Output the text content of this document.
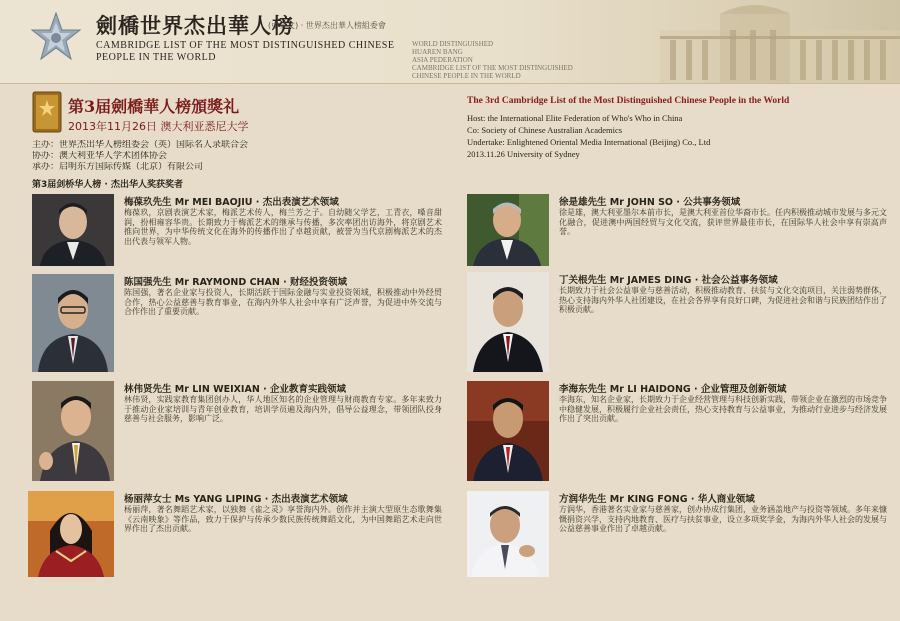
劍橋世界杰出華人榜
(中英文) · 世界杰出華人榜組委會
CAMBRIDGE LIST OF THE MOST DISTINGUISHED CHINESE PEOPLE IN THE WORLD
WORLD DISTINGUISHED
HUAREN BANG
ASIA PEDERATION
CAMBRIDGE LIST OF THE MOST DISTINGUISHED
CHINESE PEOPLE IN THE WORLD
第3届劍橋華人榜頒獎礼
2013年11月26日 澳大利亚悉尼大学
主办：世界杰出华人榜组委会（英）国际名人录联合会
协办：澳大利亚华人学术团体协会
承办：启明东方国际传媒（北京）有限公司
第3届剑桥华人榜 · 杰出华人奖获奖者
The 3rd Cambridge List of the Most Distinguished Chinese People in the World
Host: the International Elite Federation of Who's Who in China
Co: Society of Chinese Australian Academics
Undertake: Enlightened Oriental Media International (Beijing) Co., Ltd
2013.11.26 University of Sydney
梅葆玖先生 Mr MEI BAOJIU · 杰出表演艺术领域
梅葆玖，京剧表演艺术家，梅派艺术传人，梅兰芳之子。自幼随父学艺，工青衣，嗓音甜润，扮相雍容华贵。长期致力于梅派艺术的继承与传播，多次率团出访海外，将京剧艺术推向世界，为中华传统文化在海外的传播作出了卓越贡献，被誉为当代京剧梅派艺术的杰出代表与领军人物。
陈国强先生 Mr RAYMOND CHAN · 财经投资领域
陈国强，著名企业家与投资人，长期活跃于国际金融与实业投资领域，积极推动中外经贸合作，热心公益慈善与教育事业，在海内外华人社会中享有广泛声誉，为促进中外交流与合作作出了重要贡献。
林伟贤先生 Mr LIN WEIXIAN · 企业教育实践领域
林伟贤，实践家教育集团创办人，华人地区知名的企业管理与财商教育专家。多年来致力于推动企业家培训与青年创业教育，培训学员遍及海内外，倡导公益理念，带领团队投身慈善与社会服务，影响广泛。
杨丽萍女士 Ms YANG LIPING · 杰出表演艺术领域
杨丽萍，著名舞蹈艺术家，以独舞《雀之灵》享誉海内外。创作并主演大型原生态歌舞集《云南映象》等作品，致力于保护与传承少数民族传统舞蹈文化，为中国舞蹈艺术走向世界作出了杰出贡献。
徐是雄先生 Mr JOHN SO · 公共事务领域
徐是雄，澳大利亚墨尔本前市长，是澳大利亚首位华裔市长。任内积极推动城市发展与多元文化融合，促进澳中两国经贸与文化交流，获评世界最佳市长，在国际华人社会中享有崇高声誉。
丁关根先生 Mr JAMES DING · 社会公益事务领域
长期致力于社会公益事业与慈善活动，积极推动教育、扶贫与文化交流项目，关注弱势群体，热心支持海内外华人社团建设，在社会各界享有良好口碑，为促进社会和谐与民族团结作出了积极贡献。
李海东先生 Mr LI HAIDONG · 企业管理及创新领域
李海东，知名企业家，长期致力于企业经营管理与科技创新实践，带领企业在激烈的市场竞争中稳健发展，积极履行企业社会责任，热心支持教育与公益事业，为推动行业进步与经济发展作出了突出贡献。
方润华先生 Mr KING FONG · 华人商业领域
方润华，香港著名实业家与慈善家，创办协成行集团，业务涵盖地产与投资等领域。多年来慷慨捐资兴学，支持内地教育、医疗与扶贫事业，设立多项奖学金，为海内外华人社会的发展与公益慈善事业作出了卓越贡献。
